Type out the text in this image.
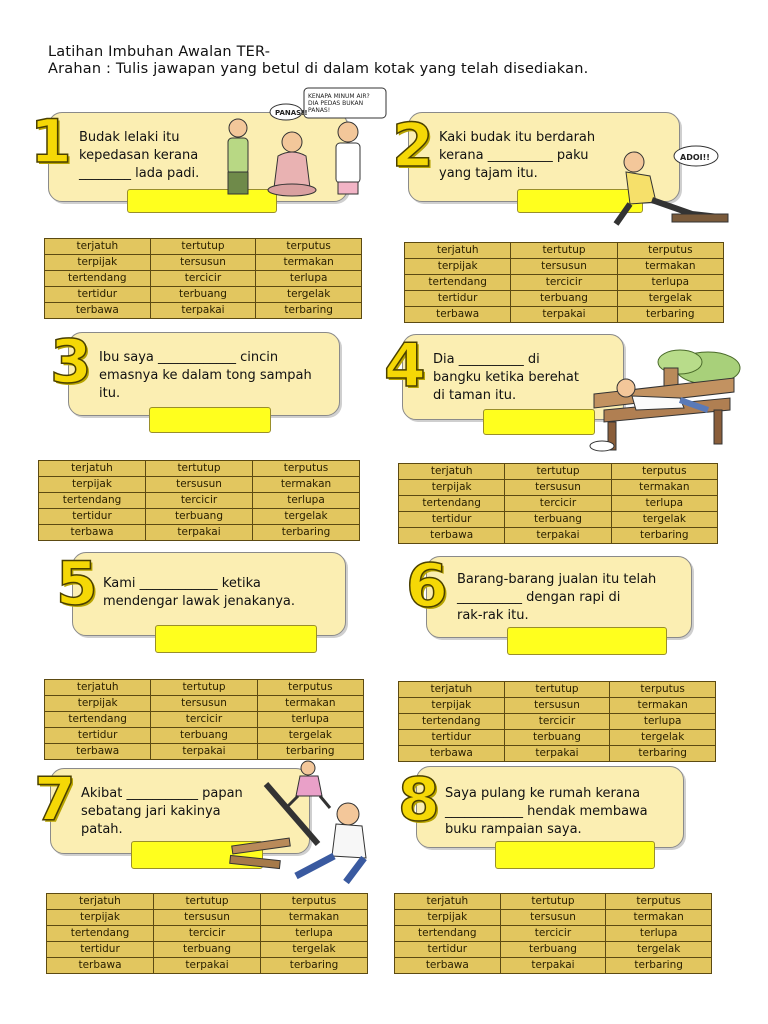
Latihan Imbuhan Awalan TER-
Arahan : Tulis jawapan yang betul di dalam kotak yang telah disediakan.
Budak lelaki itu
kepedasan kerana
________ lada padi.
1
KENAPA MINUM AIR? DIA PEDAS BUKAN PANAS!
PANAS!!
terjatuh	tertutup	terputus
terpijak	tersusun	termakan
tertendang	tercicir	terlupa
tertidur	terbuang	tergelak
terbawa	terpakai	terbaring
Kaki budak itu berdarah
kerana __________ paku
yang tajam itu.
2	ADOI!!
terjatuh	tertutup	terputus
terpijak	tersusun	termakan
tertendang	tercicir	terlupa
tertidur	terbuang	tergelak
terbawa	terpakai	terbaring
Ibu saya ____________ cincin
emasnya ke dalam tong sampah
itu.
3
terjatuh	tertutup	terputus
terpijak	tersusun	termakan
tertendang	tercicir	terlupa
tertidur	terbuang	tergelak
terbawa	terpakai	terbaring
Dia __________ di
bangku ketika berehat
di taman itu.
4
terjatuh	tertutup	terputus
terpijak	tersusun	termakan
tertendang	tercicir	terlupa
tertidur	terbuang	tergelak
terbawa	terpakai	terbaring
Kami ____________ ketika
mendengar lawak jenakanya.
5
terjatuh	tertutup	terputus
terpijak	tersusun	termakan
tertendang	tercicir	terlupa
tertidur	terbuang	tergelak
terbawa	terpakai	terbaring
Barang-barang jualan itu telah
__________ dengan rapi di
rak-rak itu.
6
terjatuh	tertutup	terputus
terpijak	tersusun	termakan
tertendang	tercicir	terlupa
tertidur	terbuang	tergelak
terbawa	terpakai	terbaring
Akibat ___________ papan
sebatang jari kakinya
patah.
7
terjatuh	tertutup	terputus
terpijak	tersusun	termakan
tertendang	tercicir	terlupa
tertidur	terbuang	tergelak
terbawa	terpakai	terbaring
Saya pulang ke rumah kerana
____________ hendak membawa
buku rampaian saya.
8
terjatuh	tertutup	terputus
terpijak	tersusun	termakan
tertendang	tercicir	terlupa
tertidur	terbuang	tergelak
terbawa	terpakai	terbaring
